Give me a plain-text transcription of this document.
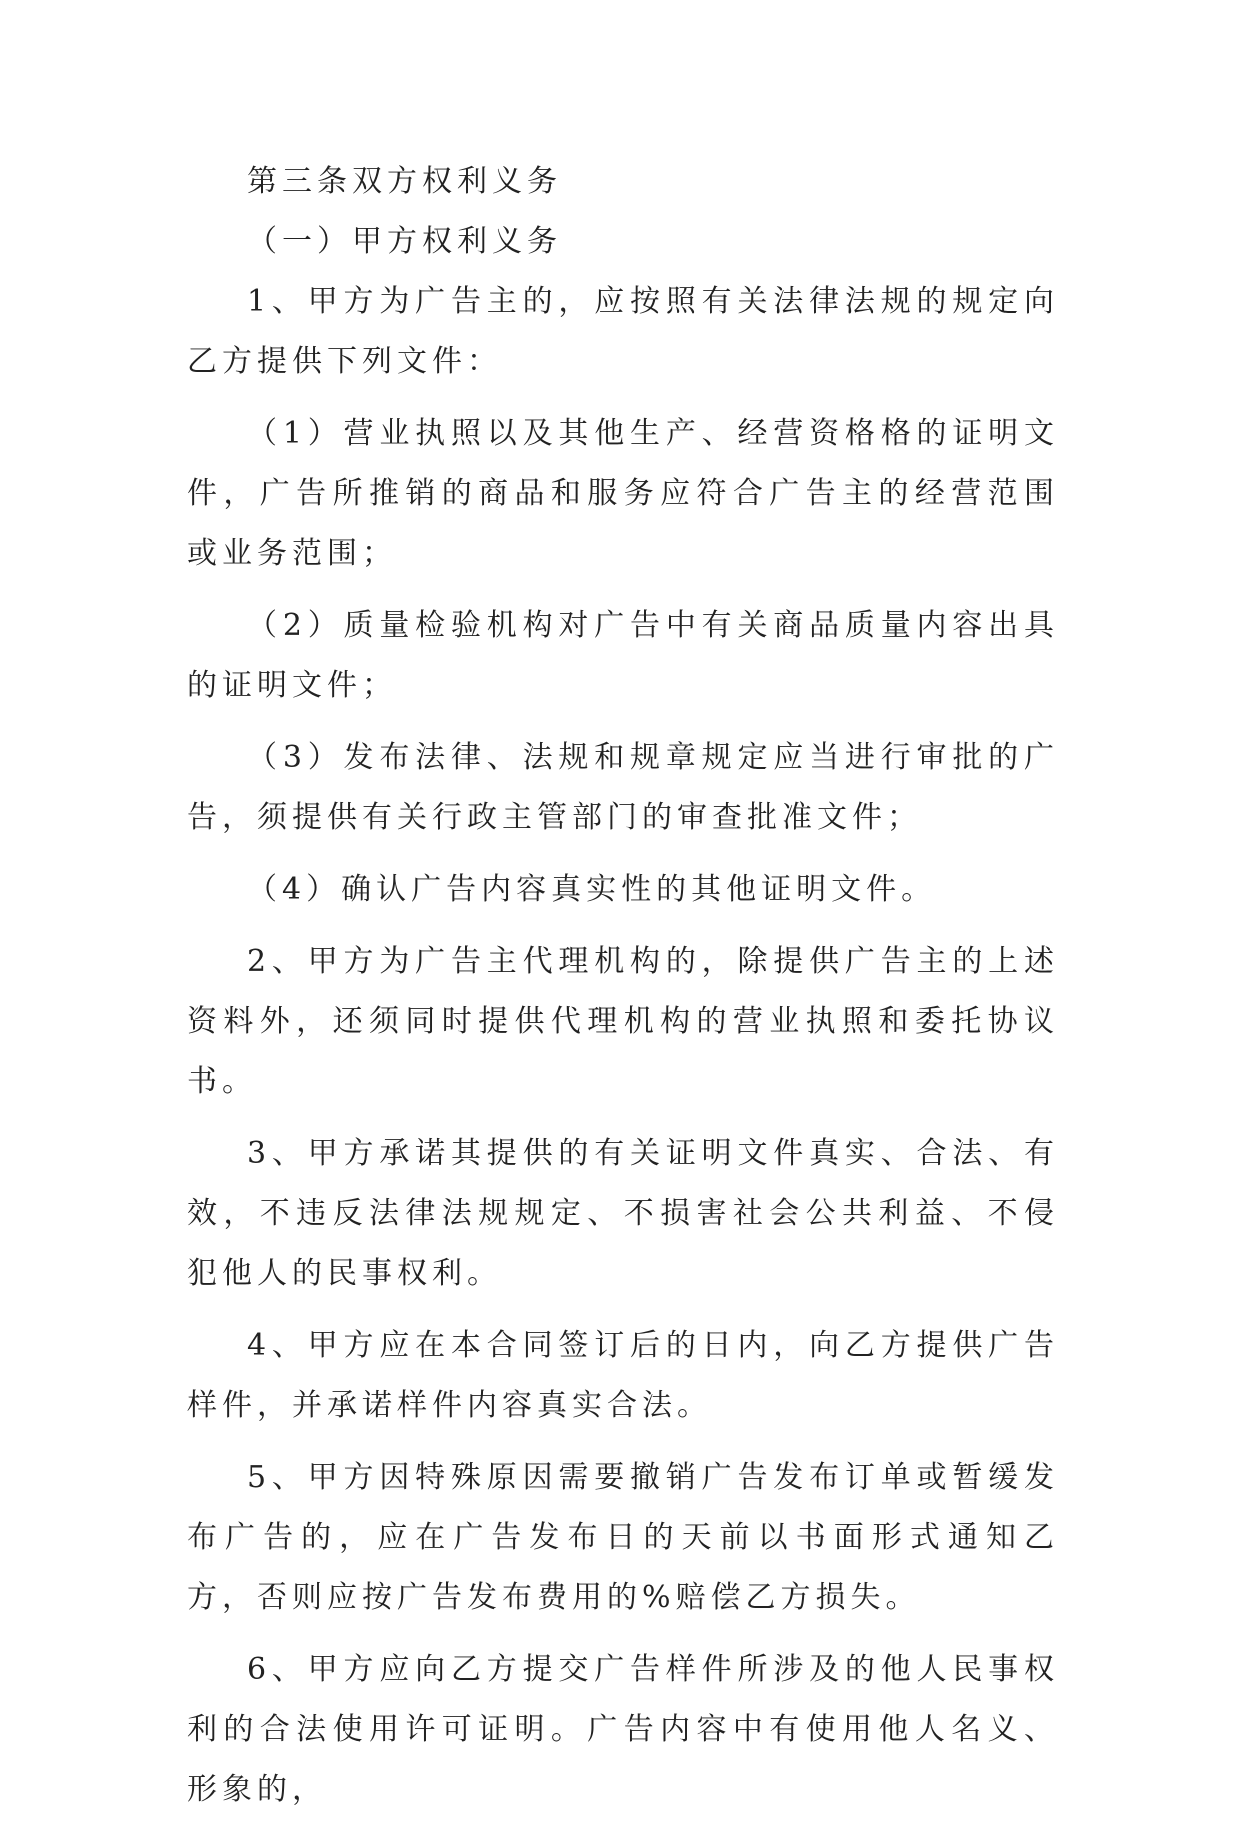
第三条双方权利义务

（一）甲方权利义务

1、甲方为广告主的，应按照有关法律法规的规定向乙方提供下列文件：

（1）营业执照以及其他生产、经营资格格的证明文件，广告所推销的商品和服务应符合广告主的经营范围或业务范围；

（2）质量检验机构对广告中有关商品质量内容出具的证明文件；

（3）发布法律、法规和规章规定应当进行审批的广告，须提供有关行政主管部门的审查批准文件；

（4）确认广告内容真实性的其他证明文件。

2、甲方为广告主代理机构的，除提供广告主的上述资料外，还须同时提供代理机构的营业执照和委托协议书。

3、甲方承诺其提供的有关证明文件真实、合法、有效，不违反法律法规规定、不损害社会公共利益、不侵犯他人的民事权利。

4、甲方应在本合同签订后的日内，向乙方提供广告样件，并承诺样件内容真实合法。

5、甲方因特殊原因需要撤销广告发布订单或暂缓发布广告的，应在广告发布日的天前以书面形式通知乙方，否则应按广告发布费用的%赔偿乙方损失。

6、甲方应向乙方提交广告样件所涉及的他人民事权利的合法使用许可证明。广告内容中有使用他人名义、形象的，
